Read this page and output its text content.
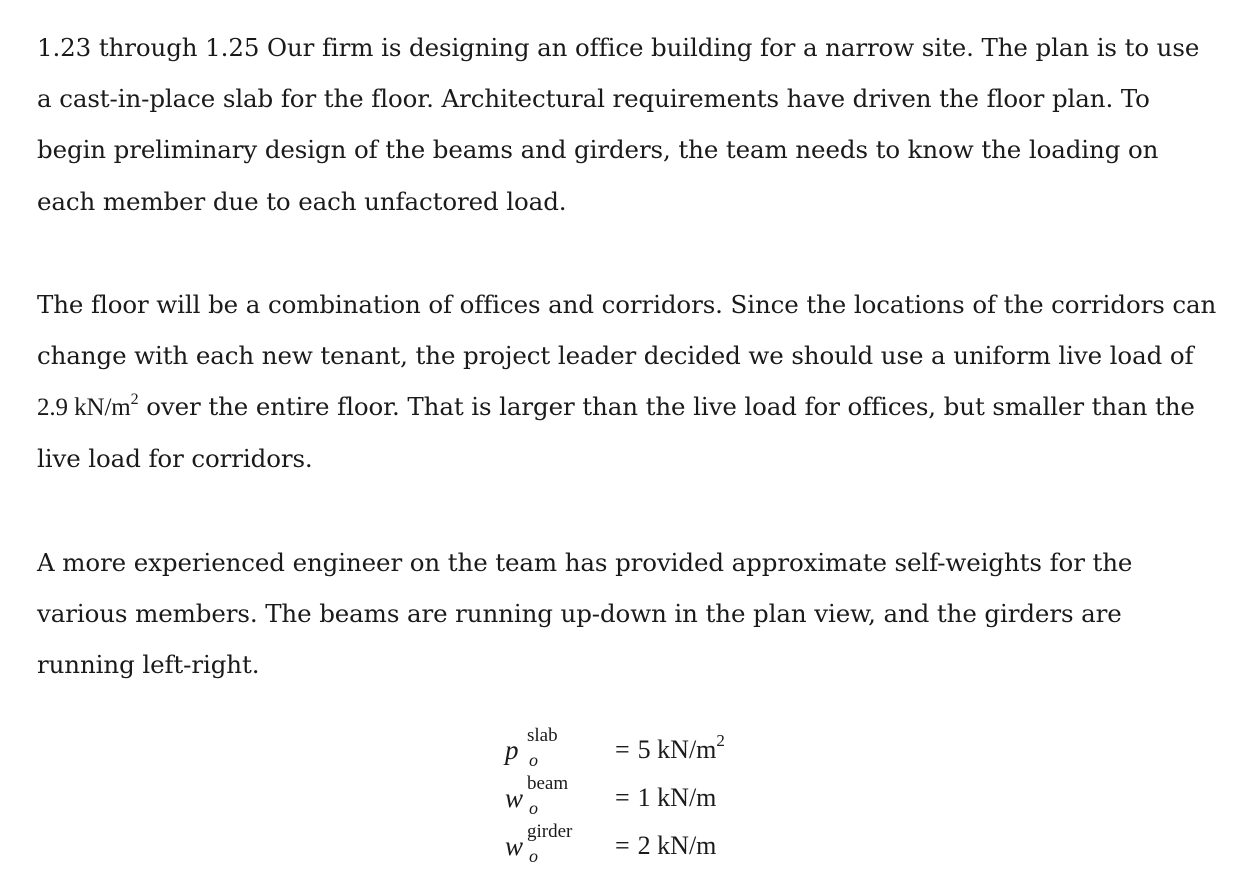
1.23 through 1.25 Our firm is designing an office building for a narrow site. The plan is to use a cast-in-place slab for the floor. Architectural requirements have driven the floor plan. To begin preliminary design of the beams and girders, the team needs to know the loading on each member due to each unfactored load.

The floor will be a combination of offices and corridors. Since the locations of the corridors can change with each new tenant, the project leader decided we should use a uniform live load of 2.9 $kN/m^2$ over the entire floor. That is larger than the live load for offices, but smaller than the live load for corridors.

A more experienced engineer on the team has provided approximate self-weights for the various members. The beams are running up-down in the plan view, and the girders are running left-right.

p slab
o	= 5 $kN/m^2$
w beam
o	= 1 kN/m
w girder
o	= 2 kN/m
